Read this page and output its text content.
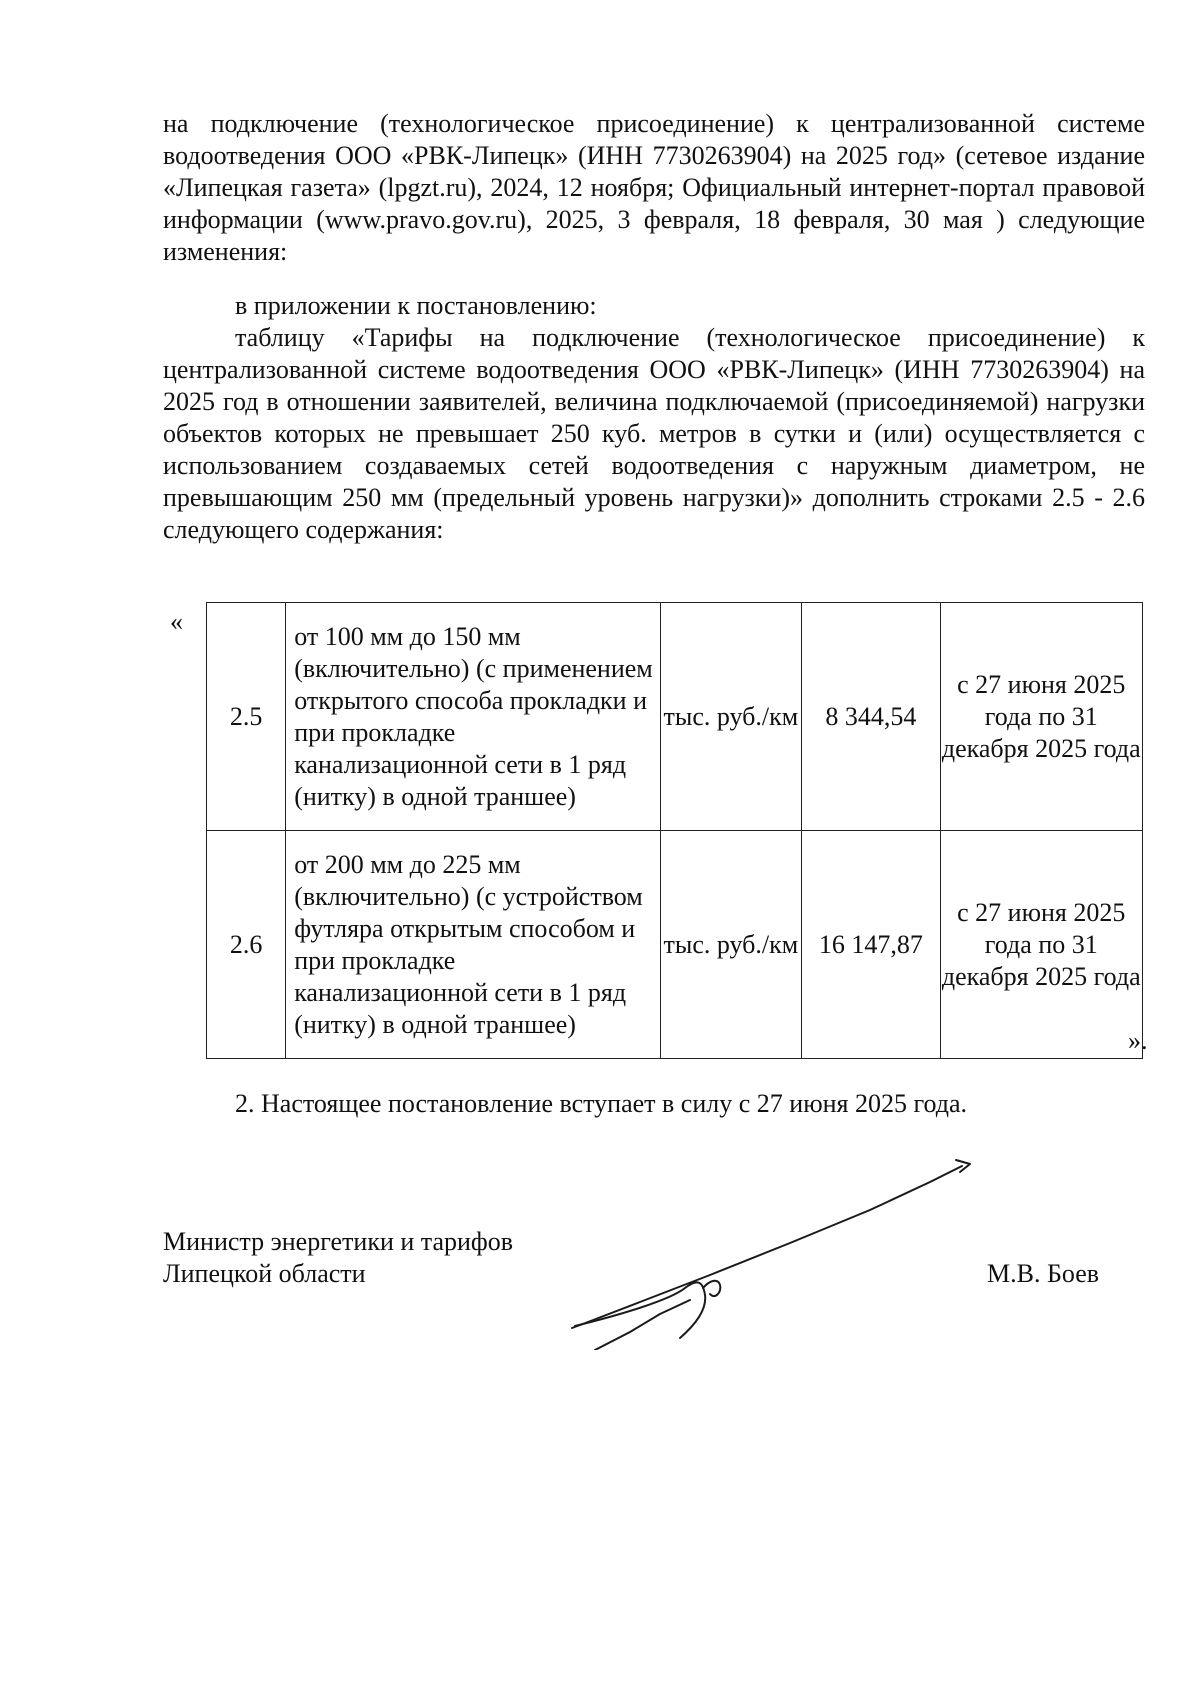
на подключение (технологическое присоединение) к централизованной системе водоотведения ООО «РВК-Липецк» (ИНН 7730263904) на 2025 год» (сетевое издание «Липецкая газета» (lpgzt.ru), 2024, 12 ноября; Официальный интернет-портал правовой информации (www.pravo.gov.ru), 2025, 3 февраля, 18 февраля, 30 мая ) следующие изменения:

в приложении к постановлению:

таблицу «Тарифы на подключение (технологическое присоединение) к централизованной системе водоотведения ООО «РВК-Липецк» (ИНН 7730263904) на 2025 год в отношении заявителей, величина подключаемой (присоединяемой) нагрузки объектов которых не превышает 250 куб. метров в сутки и (или) осуществляется с использованием создаваемых сетей водоотведения с наружным диаметром, не превышающим 250 мм (предельный уровень нагрузки)» дополнить строками 2.5 - 2.6 следующего содержания:

«
2.5	от 100 мм до 150 мм (включительно) (с применением открытого способа прокладки и при прокладке канализационной сети в 1 ряд (нитку) в одной траншее)	тыс. руб./км	8 344,54	с 27 июня 2025 года по 31 декабря 2025 года
2.6	от 200 мм до 225 мм (включительно) (с устройством футляра открытым способом и при прокладке канализационной сети в 1 ряд (нитку) в одной траншее)	тыс. руб./км	16 147,87	с 27 июня 2025 года по 31 декабря 2025 года
».

2. Настоящее постановление вступает в силу с 27 июня 2025 года.

Министр энергетики и тарифов
Липецкой области	М.В. Боев
